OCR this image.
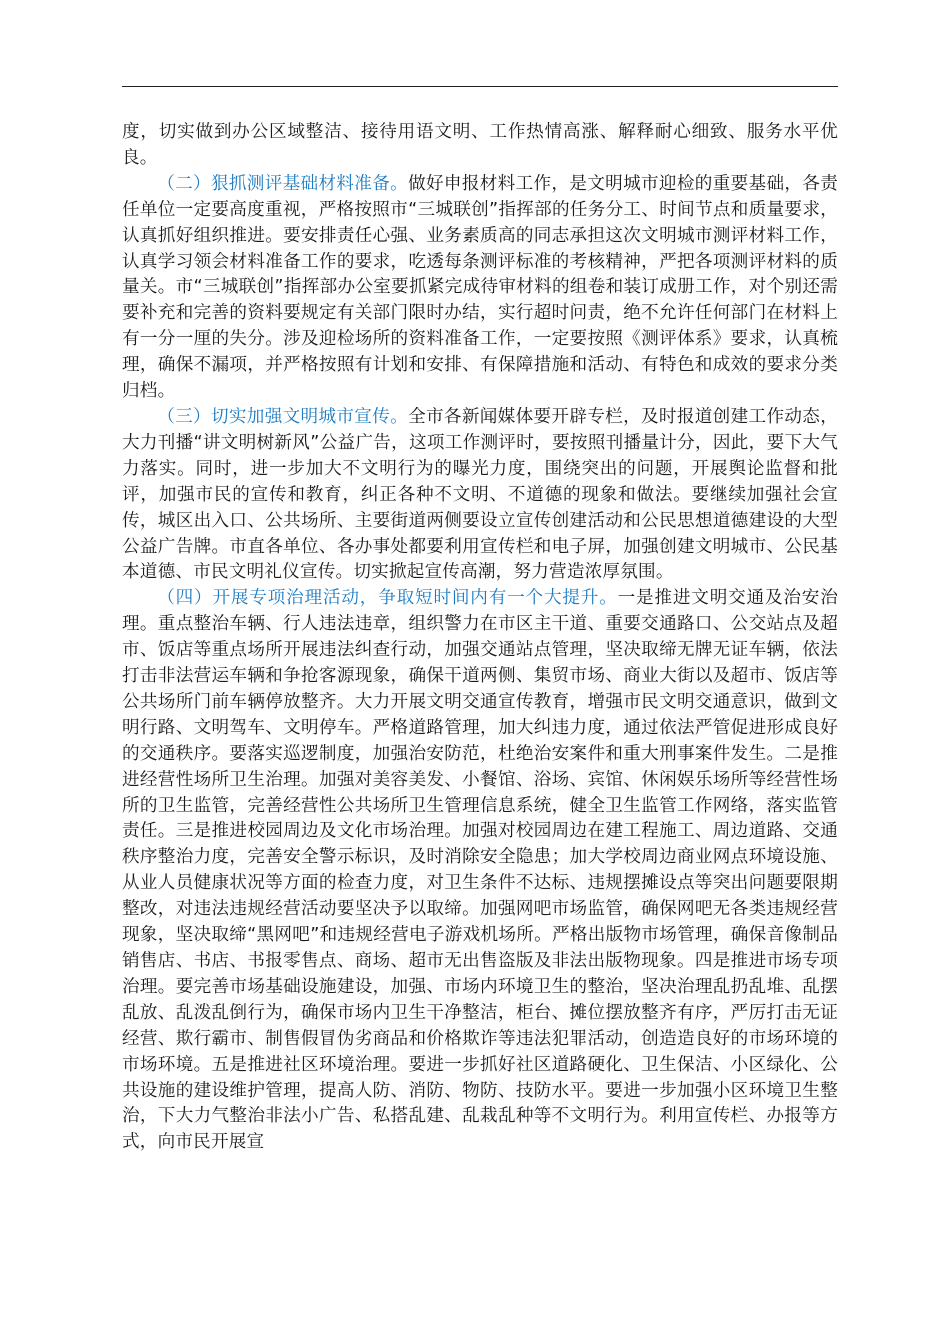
度，切实做到办公区域整洁、接待用语文明、工作热情高涨、解释耐心细致、服务水平优良。

（二）狠抓测评基础材料准备。做好申报材料工作，是文明城市迎检的重要基础，各责任单位一定要高度重视，严格按照市“三城联创”指挥部的任务分工、时间节点和质量要求，认真抓好组织推进。要安排责任心强、业务素质高的同志承担这次文明城市测评材料工作，认真学习领会材料准备工作的要求，吃透每条测评标准的考核精神，严把各项测评材料的质量关。市“三城联创”指挥部办公室要抓紧完成待审材料的组卷和装订成册工作，对个别还需要补充和完善的资料要规定有关部门限时办结，实行超时问责，绝不允许任何部门在材料上有一分一厘的失分。涉及迎检场所的资料准备工作，一定要按照《测评体系》要求，认真梳理，确保不漏项，并严格按照有计划和安排、有保障措施和活动、有特色和成效的要求分类归档。

（三）切实加强文明城市宣传。全市各新闻媒体要开辟专栏，及时报道创建工作动态，大力刊播“讲文明树新风”公益广告，这项工作测评时，要按照刊播量计分，因此，要下大气力落实。同时，进一步加大不文明行为的曝光力度，围绕突出的问题，开展舆论监督和批评，加强市民的宣传和教育，纠正各种不文明、不道德的现象和做法。要继续加强社会宣传，城区出入口、公共场所、主要街道两侧要设立宣传创建活动和公民思想道德建设的大型公益广告牌。市直各单位、各办事处都要利用宣传栏和电子屏，加强创建文明城市、公民基本道德、市民文明礼仪宣传。切实掀起宣传高潮，努力营造浓厚氛围。

（四）开展专项治理活动，争取短时间内有一个大提升。一是推进文明交通及治安治理。重点整治车辆、行人违法违章，组织警力在市区主干道、重要交通路口、公交站点及超市、饭店等重点场所开展违法纠查行动，加强交通站点管理，坚决取缔无牌无证车辆，依法打击非法营运车辆和争抢客源现象，确保干道两侧、集贸市场、商业大街以及超市、饭店等公共场所门前车辆停放整齐。大力开展文明交通宣传教育，增强市民文明交通意识，做到文明行路、文明驾车、文明停车。严格道路管理，加大纠违力度，通过依法严管促进形成良好的交通秩序。要落实巡逻制度，加强治安防范，杜绝治安案件和重大刑事案件发生。二是推进经营性场所卫生治理。加强对美容美发、小餐馆、浴场、宾馆、休闲娱乐场所等经营性场所的卫生监管，完善经营性公共场所卫生管理信息系统，健全卫生监管工作网络，落实监管责任。三是推进校园周边及文化市场治理。加强对校园周边在建工程施工、周边道路、交通秩序整治力度，完善安全警示标识，及时消除安全隐患；加大学校周边商业网点环境设施、从业人员健康状况等方面的检查力度，对卫生条件不达标、违规摆摊设点等突出问题要限期整改，对违法违规经营活动要坚决予以取缔。加强网吧市场监管，确保网吧无各类违规经营现象，坚决取缔“黑网吧”和违规经营电子游戏机场所。严格出版物市场管理，确保音像制品销售店、书店、书报零售点、商场、超市无出售盗版及非法出版物现象。四是推进市场专项治理。要完善市场基础设施建设，加强、市场内环境卫生的整治，坚决治理乱扔乱堆、乱摆乱放、乱泼乱倒行为，确保市场内卫生干净整洁，柜台、摊位摆放整齐有序，严厉打击无证经营、欺行霸市、制售假冒伪劣商品和价格欺诈等违法犯罪活动，创造造良好的市场环境的市场环境。五是推进社区环境治理。要进一步抓好社区道路硬化、卫生保洁、小区绿化、公共设施的建设维护管理，提高人防、消防、物防、技防水平。要进一步加强小区环境卫生整治，下大力气整治非法小广告、私搭乱建、乱栽乱种等不文明行为。利用宣传栏、办报等方式，向市民开展宣
